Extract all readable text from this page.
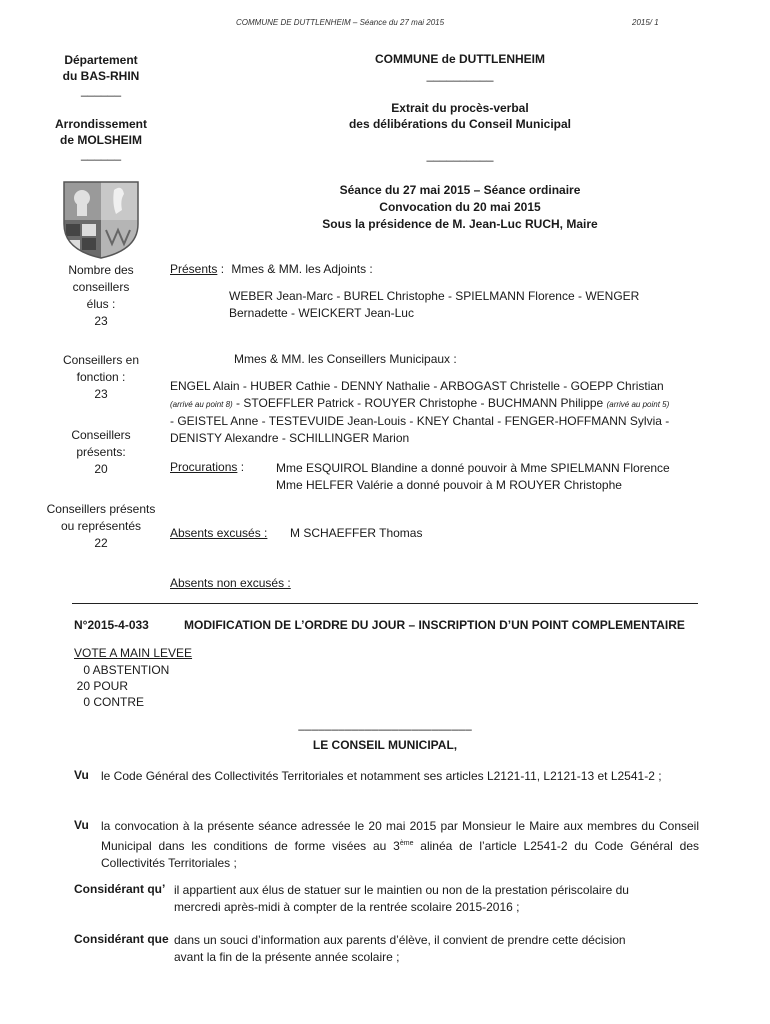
COMMUNE DE DUTTLENHEIM – Séance du 27 mai 2015	2015/ 1
Département
du BAS-RHIN
______
Arrondissement
de MOLSHEIM
______
COMMUNE de DUTTLENHEIM
__________
Extrait du procès-verbal
des délibérations du Conseil Municipal
__________
Séance du 27 mai 2015 – Séance ordinaire
Convocation du 20 mai 2015
Sous la présidence de M. Jean-Luc RUCH, Maire
Nombre des
conseillers
élus :
23
Conseillers en
fonction :
23
Conseillers
présents:
20
Conseillers présents
ou représentés
22
Présents : Mmes & MM. les Adjoints :
WEBER Jean-Marc - BUREL Christophe - SPIELMANN Florence - WENGER
Bernadette - WEICKERT Jean-Luc
Mmes & MM. les Conseillers Municipaux :
ENGEL Alain - HUBER Cathie - DENNY Nathalie - ARBOGAST Christelle - GOEPP Christian
(arrivé au point 8) - STOEFFLER Patrick - ROUYER Christophe - BUCHMANN Philippe (arrivé au point 5)
- GEISTEL Anne - TESTEVUIDE Jean-Louis - KNEY Chantal - FENGER-HOFFMANN Sylvia -
DENISTY Alexandre - SCHILLINGER Marion
Procurations :	Mme ESQUIROL Blandine a donné pouvoir à Mme SPIELMANN Florence
Mme HELFER Valérie a donné pouvoir à M ROUYER Christophe
Absents excusés : M SCHAEFFER Thomas
Absents non excusés :
N°2015-4-033	MODIFICATION DE L’ORDRE DU JOUR – INSCRIPTION D’UN POINT COMPLEMENTAIRE
VOTE A MAIN LEVEE
0 ABSTENTION
20 POUR
0 CONTRE
––––––––––––––––––––––––––
LE CONSEIL MUNICIPAL,
Vu le Code Général des Collectivités Territoriales et notamment ses articles L2121-11, L2121-13 et L2541-2 ;
Vu la convocation à la présente séance adressée le 20 mai 2015 par Monsieur le Maire aux membres du Conseil Municipal dans les conditions de forme visées au 3ème alinéa de l’article L2541-2 du Code Général des Collectivités Territoriales ;
Considérant qu’ il appartient aux élus de statuer sur le maintien ou non de la prestation périscolaire du
mercredi après-midi à compter de la rentrée scolaire 2015-2016 ;
Considérant que dans un souci d’information aux parents d’élève, il convient de prendre cette décision
avant la fin de la présente année scolaire ;
